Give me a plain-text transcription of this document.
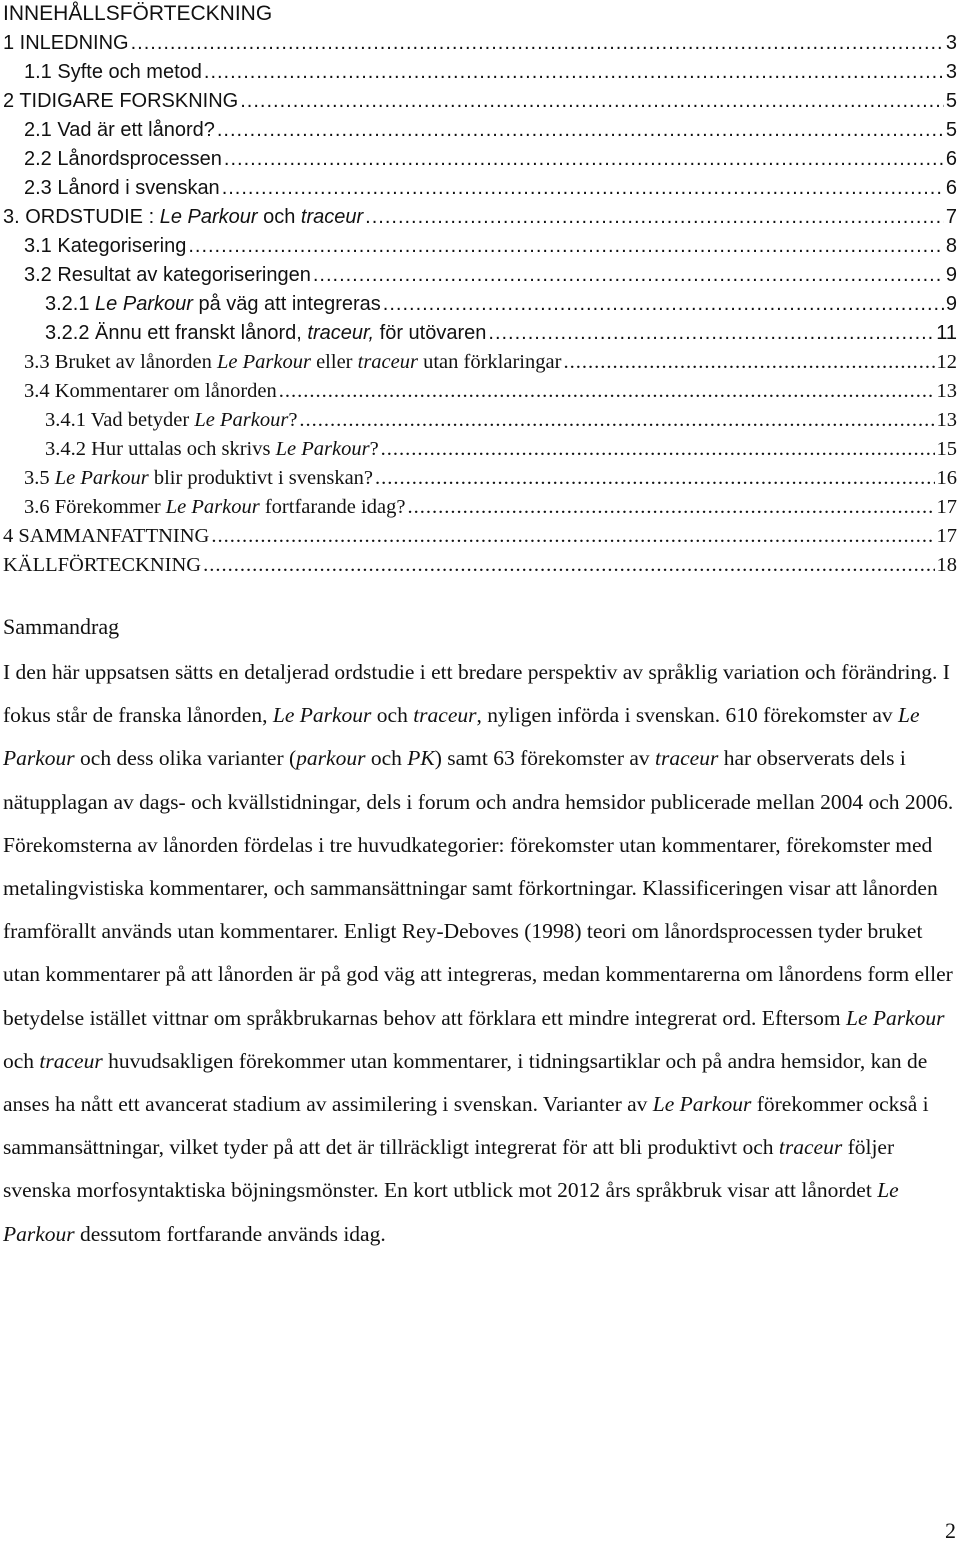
INNEHÅLLSFÖRTECKNING
1 INLEDNING .....	3
1.1 Syfte och metod .....	3
2 TIDIGARE FORSKNING .....	5
2.1 Vad är ett lånord? .....	5
2.2 Lånordsprocessen .....	6
2.3 Lånord i svenskan .....	6
3. ORDSTUDIE : Le Parkour och traceur .....	7
3.1 Kategorisering .....	8
3.2 Resultat av kategoriseringen .....	9
3.2.1 Le Parkour på väg att integreras .....	9
3.2.2 Ännu ett franskt lånord, traceur, för utövaren .....	11
3.3 Bruket av lånorden Le Parkour eller traceur utan förklaringar .....	12
3.4 Kommentarer om lånorden .....	13
3.4.1 Vad betyder Le Parkour? .....	13
3.4.2 Hur uttalas och skrivs Le Parkour? .....	15
3.5 Le Parkour blir produktivt i svenskan? .....	16
3.6 Förekommer Le Parkour fortfarande idag? .....	17
4 SAMMANFATTNING .....	17
KÄLLFÖRTECKNING .....	18
Sammandrag
I den här uppsatsen sätts en detaljerad ordstudie i ett bredare perspektiv av språklig variation och förändring. I fokus står de franska lånorden, Le Parkour och traceur, nyligen införda i svenskan. 610 förekomster av Le Parkour och dess olika varianter (parkour och PK) samt 63 förekomster av traceur har observerats dels i nätupplagan av dags- och kvällstidningar, dels i forum och andra hemsidor publicerade mellan 2004 och 2006. Förekomsterna av lånorden fördelas i tre huvudkategorier: förekomster utan kommentarer, förekomster med metalingvistiska kommentarer, och sammansättningar samt förkortningar. Klassificeringen visar att lånorden framförallt används utan kommentarer. Enligt Rey-Deboves (1998) teori om lånordsprocessen tyder bruket utan kommentarer på att lånorden är på god väg att integreras, medan kommentarerna om lånordens form eller betydelse istället vittnar om språkbrukarnas behov att förklara ett mindre integrerat ord. Eftersom Le Parkour och traceur huvudsakligen förekommer utan kommentarer, i tidningsartiklar och på andra hemsidor, kan de anses ha nått ett avancerat stadium av assimilering i svenskan. Varianter av Le Parkour förekommer också i sammansättningar, vilket tyder på att det är tillräckligt integrerat för att bli produktivt och traceur följer svenska morfosyntaktiska böjningsmönster. En kort utblick mot 2012 års språkbruk visar att lånordet Le Parkour dessutom fortfarande används idag.
2
